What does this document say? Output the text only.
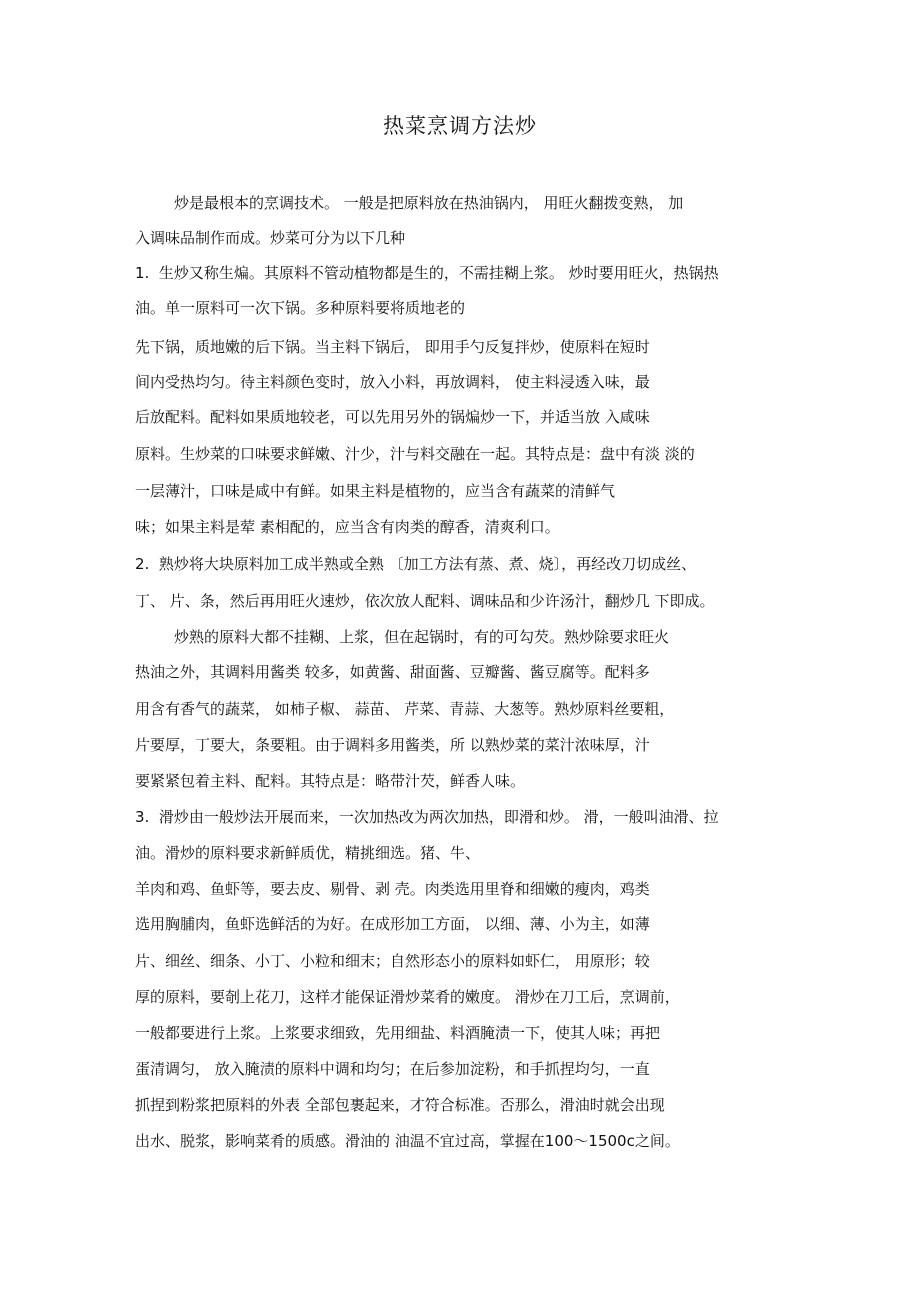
热菜烹调方法炒
炒是最根本的烹调技术。 一般是把原料放在热油锅内， 用旺火翻拨变熟， 加
入调味品制作而成。炒菜可分为以下几种
1.  生炒又称生煸。其原料不管动植物都是生的，不需挂糊上浆。 炒时要用旺火，热锅热
油。单一原料可一次下锅。多种原料要将质地老的
先下锅，质地嫩的后下锅。当主料下锅后， 即用手勺反复拌炒，使原料在短时
间内受热均匀。待主料颜色变时，放入小料，再放调料， 使主料浸透入味，最
后放配料。配料如果质地较老，可以先用另外的锅煸炒一下，并适当放 入咸味
原料。生炒菜的口味要求鲜嫩、汁少，汁与料交融在一起。其特点是：盘中有淡 淡的
一层薄汁，口味是咸中有鲜。如果主料是植物的，应当含有蔬菜的清鲜气
味；如果主料是荤 素相配的，应当含有肉类的醇香，清爽利口。
2.  熟炒将大块原料加工成半熟或全熟 〔加工方法有蒸、煮、烧〕，再经改刀切成丝、
丁、 片、条，然后再用旺火速炒，依次放人配料、调味品和少许汤汁，翻炒几 下即成。
炒熟的原料大都不挂糊、上浆，但在起锅时，有的可勾芡。熟炒除要求旺火
热油之外，其调料用酱类 较多，如黄酱、甜面酱、豆瓣酱、酱豆腐等。配料多
用含有香气的蔬菜， 如柿子椒、 蒜苗、 芹菜、青蒜、大葱等。熟炒原料丝要粗，
片要厚，丁要大，条要粗。由于调料多用酱类，所 以熟炒菜的菜汁浓味厚，汁
要紧紧包着主料、配料。其特点是：略带汁芡，鲜香人味。
3.  滑炒由一般炒法开展而来，一次加热改为两次加热，即滑和炒。 滑，一般叫油滑、拉
油。滑炒的原料要求新鲜质优，精挑细选。猪、牛、
羊肉和鸡、鱼虾等，要去皮、剔骨、剥 壳。肉类选用里脊和细嫩的瘦肉，鸡类
选用胸脯肉，鱼虾选鲜活的为好。在成形加工方面， 以细、薄、小为主，如薄
片、细丝、细条、小丁、小粒和细末；自然形态小的原料如虾仁， 用原形；较
厚的原料，要剞上花刀，这样才能保证滑炒菜肴的嫩度。 滑炒在刀工后，烹调前，
一般都要进行上浆。上浆要求细致，先用细盐、料酒腌渍一下，使其人味；再把
蛋清调匀， 放入腌渍的原料中调和均匀；在后参加淀粉，和手抓捏均匀，一直
抓捏到粉浆把原料的外表 全部包裹起来，才符合标准。否那么，滑油时就会出现
出水、脱浆，影响菜肴的质感。滑油的 油温不宜过高，掌握在100～1500c之间。
